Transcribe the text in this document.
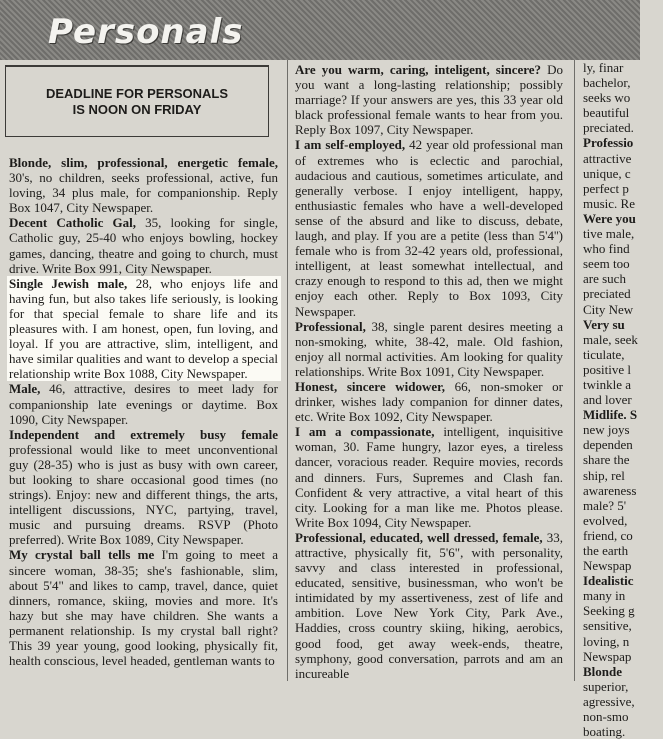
Personals
DEADLINE FOR PERSONALS
IS NOON ON FRIDAY

Blonde, slim, professional, energetic female, 30's, no children, seeks professional, active, fun loving, 34 plus male, for companionship. Reply Box 1047, City Newspaper.

Decent Catholic Gal, 35, looking for single, Catholic guy, 25-40 who enjoys bowling, hockey games, dancing, theatre and going to church, must drive. Write Box 991, City Newspaper.

Single Jewish male, 28, who enjoys life and having fun, but also takes life seriously, is looking for that special female to share life and its pleasures with. I am honest, open, fun loving, and loyal. If you are attractive, slim, intelligent, and have similar qualities and want to develop a special relationship write Box 1088, City Newspaper.

Male, 46, attractive, desires to meet lady for companionship late evenings or daytime. Box 1090, City Newspaper.

Independent and extremely busy female professional would like to meet unconventional guy (28-35) who is just as busy with own career, but looking to share occasional good times (no strings). Enjoy: new and different things, the arts, intelligent discussions, NYC, partying, travel, music and pursuing dreams. RSVP (Photo preferred). Write Box 1089, City Newspaper.

My crystal ball tells me I'm going to meet a sincere woman, 38-35; she's fashionable, slim, about 5'4" and likes to camp, travel, dance, quiet dinners, romance, skiing, movies and more. It's hazy but she may have children. She wants a permanent relationship. Is my crystal ball right? This 39 year young, good looking, physically fit, health conscious, level headed, gentleman wants to

Are you warm, caring, inteligent, sincere? Do you want a long-lasting relationship; possibly marriage? If your answers are yes, this 33 year old black professional female wants to hear from you. Reply Box 1097, City Newspaper.

I am self-employed, 42 year old professional man of extremes who is eclectic and parochial, audacious and cautious, sometimes articulate, and generally verbose. I enjoy intelligent, happy, enthusiastic females who have a well-developed sense of the absurd and like to discuss, debate, laugh, and play. If you are a petite (less than 5'4'') female who is from 32-42 years old, professional, intelligent, at least somewhat intellectual, and crazy enough to respond to this ad, then we might enjoy each other. Reply to Box 1093, City Newspaper.

Professional, 38, single parent desires meeting a non-smoking, white, 38-42, male. Old fashion, enjoy all normal activities. Am looking for quality relationships. Write Box 1091, City Newspaper.

Honest, sincere widower, 66, non-smoker or drinker, wishes lady companion for dinner dates, etc. Write Box 1092, City Newspaper.

I am a compassionate, intelligent, inquisitive woman, 30. Fame hungry, lazor eyes, a tireless dancer, voracious reader. Require movies, records and dinners. Furs, Supremes and Clash fan. Confident & very attractive, a vital heart of this city. Looking for a man like me. Photos please. Write Box 1094, City Newspaper.

Professional, educated, well dressed, female, 33, attractive, physically fit, 5'6", with personality, savvy and class interested in professional, educated, sensitive, businessman, who won't be intimidated by my assertiveness, zest of life and ambition. Love New York City, Park Ave., Haddies, cross country skiing, hiking, aerobics, good food, get away week-ends, theatre, symphony, good conversation, parrots and am an incureable

ly, finar
bachelor,
seeks wo
beautiful
preciated.
Professio
attractive
unique, c
perfect p
music. Re
Were you
tive male,
who find
seem too
are such
preciated
City New
Very su
male, seek
ticulate,
positive l
twinkle a
and lover
Midlife. S
new joys
dependen
share the
ship, rel
awareness
male? 5'
evolved,
friend, co
the earth
Newspap
Idealistic
many in
Seeking g
sensitive,
loving, n
Newspap
Blonde
superior,
agressive,
non-smo
boating.
